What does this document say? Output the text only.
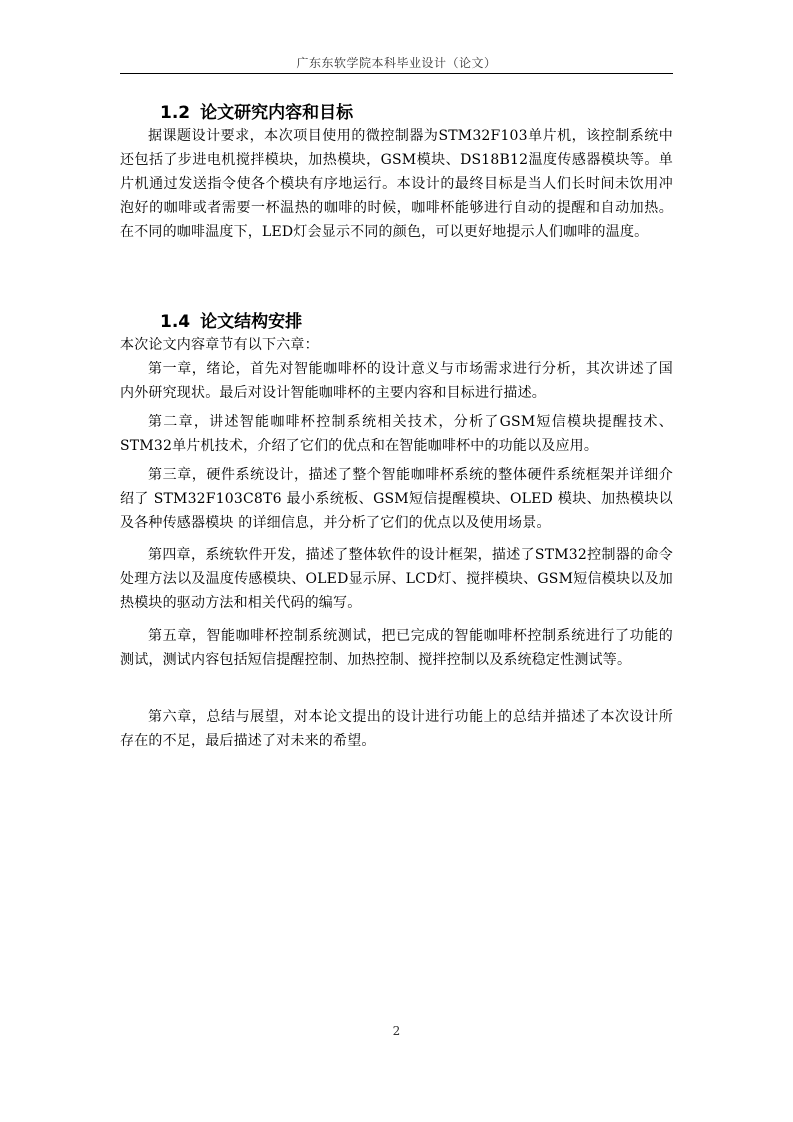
广东东软学院本科毕业设计（论文）
1.2 论文研究内容和目标

据课题设计要求，本次项目使用的微控制器为STM32F103单片机，该控制系统中还包括了步进电机搅拌模块，加热模块，GSM模块、DS18B12温度传感器模块等。单片机通过发送指令使各个模块有序地运行。本设计的最终目标是当人们长时间未饮用冲泡好的咖啡或者需要一杯温热的咖啡的时候，咖啡杯能够进行自动的提醒和自动加热。在不同的咖啡温度下，LED灯会显示不同的颜色，可以更好地提示人们咖啡的温度。

1.4 论文结构安排

本次论文内容章节有以下六章：

第一章，绪论，首先对智能咖啡杯的设计意义与市场需求进行分析，其次讲述了国内外研究现状。最后对设计智能咖啡杯的主要内容和目标进行描述。

第二章，讲述智能咖啡杯控制系统相关技术，分析了GSM短信模块提醒技术、STM32单片机技术，介绍了它们的优点和在智能咖啡杯中的功能以及应用。

第三章，硬件系统设计，描述了整个智能咖啡杯系统的整体硬件系统框架并详细介绍了 STM32F103C8T6 最小系统板、GSM短信提醒模块、OLED 模块、加热模块以及各种传感器模块 的详细信息，并分析了它们的优点以及使用场景。

第四章，系统软件开发，描述了整体软件的设计框架，描述了STM32控制器的命令处理方法以及温度传感模块、OLED显示屏、LCD灯、搅拌模块、GSM短信模块以及加热模块的驱动方法和相关代码的编写。

第五章，智能咖啡杯控制系统测试，把已完成的智能咖啡杯控制系统进行了功能的测试，测试内容包括短信提醒控制、加热控制、搅拌控制以及系统稳定性测试等。

第六章，总结与展望，对本论文提出的设计进行功能上的总结并描述了本次设计所存在的不足，最后描述了对未来的希望。

2
